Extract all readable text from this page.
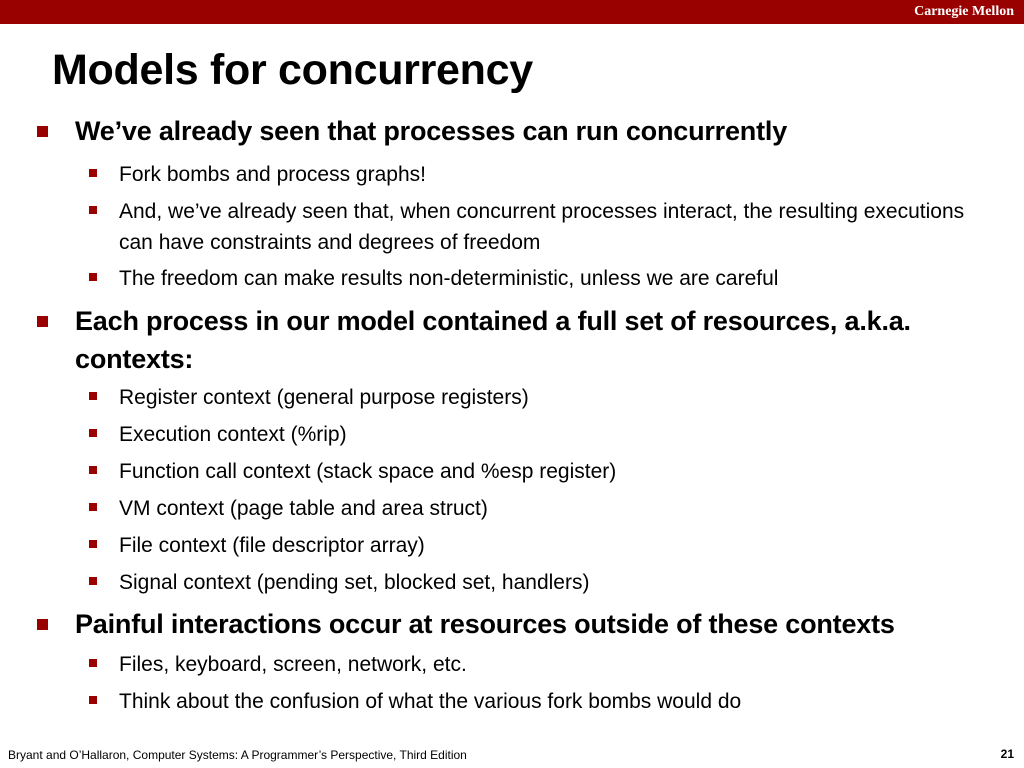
Carnegie Mellon
Models for concurrency
We’ve already seen that processes can run concurrently
Fork bombs and process graphs!
And, we’ve already seen that, when concurrent processes interact, the resulting executions can have constraints and degrees of freedom
The freedom can make results non-deterministic, unless we are careful
Each process in our model contained a full set of resources, a.k.a. contexts:
Register context (general purpose registers)
Execution context (%rip)
Function call context (stack space and %esp register)
VM context (page table and area struct)
File context (file descriptor array)
Signal context (pending set, blocked set, handlers)
Painful interactions occur at resources outside of these contexts
Files, keyboard, screen, network, etc.
Think about the confusion of what the various fork bombs would do
Bryant and O’Hallaron, Computer Systems: A Programmer’s Perspective, Third Edition	21
